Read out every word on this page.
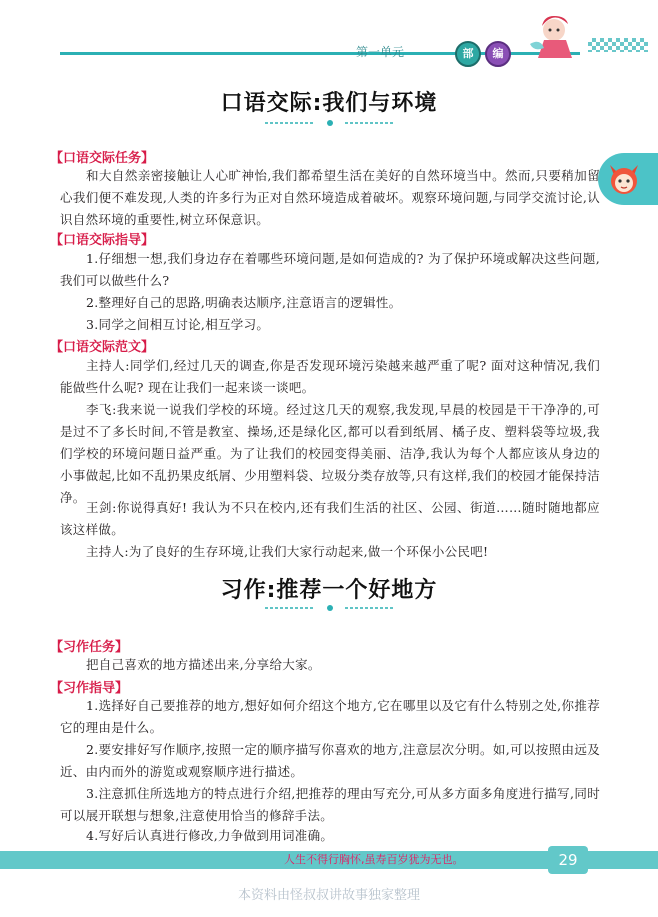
第一单元	部	编
口语交际:我们与环境
【口语交际任务】

和大自然亲密接触让人心旷神怡,我们都希望生活在美好的自然环境当中。然而,只要稍加留心我们便不难发现,人类的许多行为正对自然环境造成着破坏。观察环境问题,与同学交流讨论,认识自然环境的重要性,树立环保意识。

【口语交际指导】

1.仔细想一想,我们身边存在着哪些环境问题,是如何造成的? 为了保护环境或解决这些问题,我们可以做些什么?

2.整理好自己的思路,明确表达顺序,注意语言的逻辑性。

3.同学之间相互讨论,相互学习。

【口语交际范文】

主持人:同学们,经过几天的调查,你是否发现环境污染越来越严重了呢? 面对这种情况,我们能做些什么呢? 现在让我们一起来谈一谈吧。

李飞:我来说一说我们学校的环境。经过这几天的观察,我发现,早晨的校园是干干净净的,可是过不了多长时间,不管是教室、操场,还是绿化区,都可以看到纸屑、橘子皮、塑料袋等垃圾,我们学校的环境问题日益严重。为了让我们的校园变得美丽、洁净,我认为每个人都应该从身边的小事做起,比如不乱扔果皮纸屑、少用塑料袋、垃圾分类存放等,只有这样,我们的校园才能保持洁净。

王剑:你说得真好! 我认为不只在校内,还有我们生活的社区、公园、街道……随时随地都应该这样做。

主持人:为了良好的生存环境,让我们大家行动起来,做一个环保小公民吧!

习作:推荐一个好地方
【习作任务】

把自己喜欢的地方描述出来,分享给大家。

【习作指导】

1.选择好自己要推荐的地方,想好如何介绍这个地方,它在哪里以及它有什么特别之处,你推荐它的理由是什么。

2.要安排好写作顺序,按照一定的顺序描写你喜欢的地方,注意层次分明。如,可以按照由远及近、由内而外的游览或观察顺序进行描述。

3.注意抓住所选地方的特点进行介绍,把推荐的理由写充分,可从多方面多角度进行描写,同时可以展开联想与想象,注意使用恰当的修辞手法。

4.写好后认真进行修改,力争做到用词准确。

人生不得行胸怀,虽寿百岁犹为无也。	29
本资料由怪叔叔讲故事独家整理
